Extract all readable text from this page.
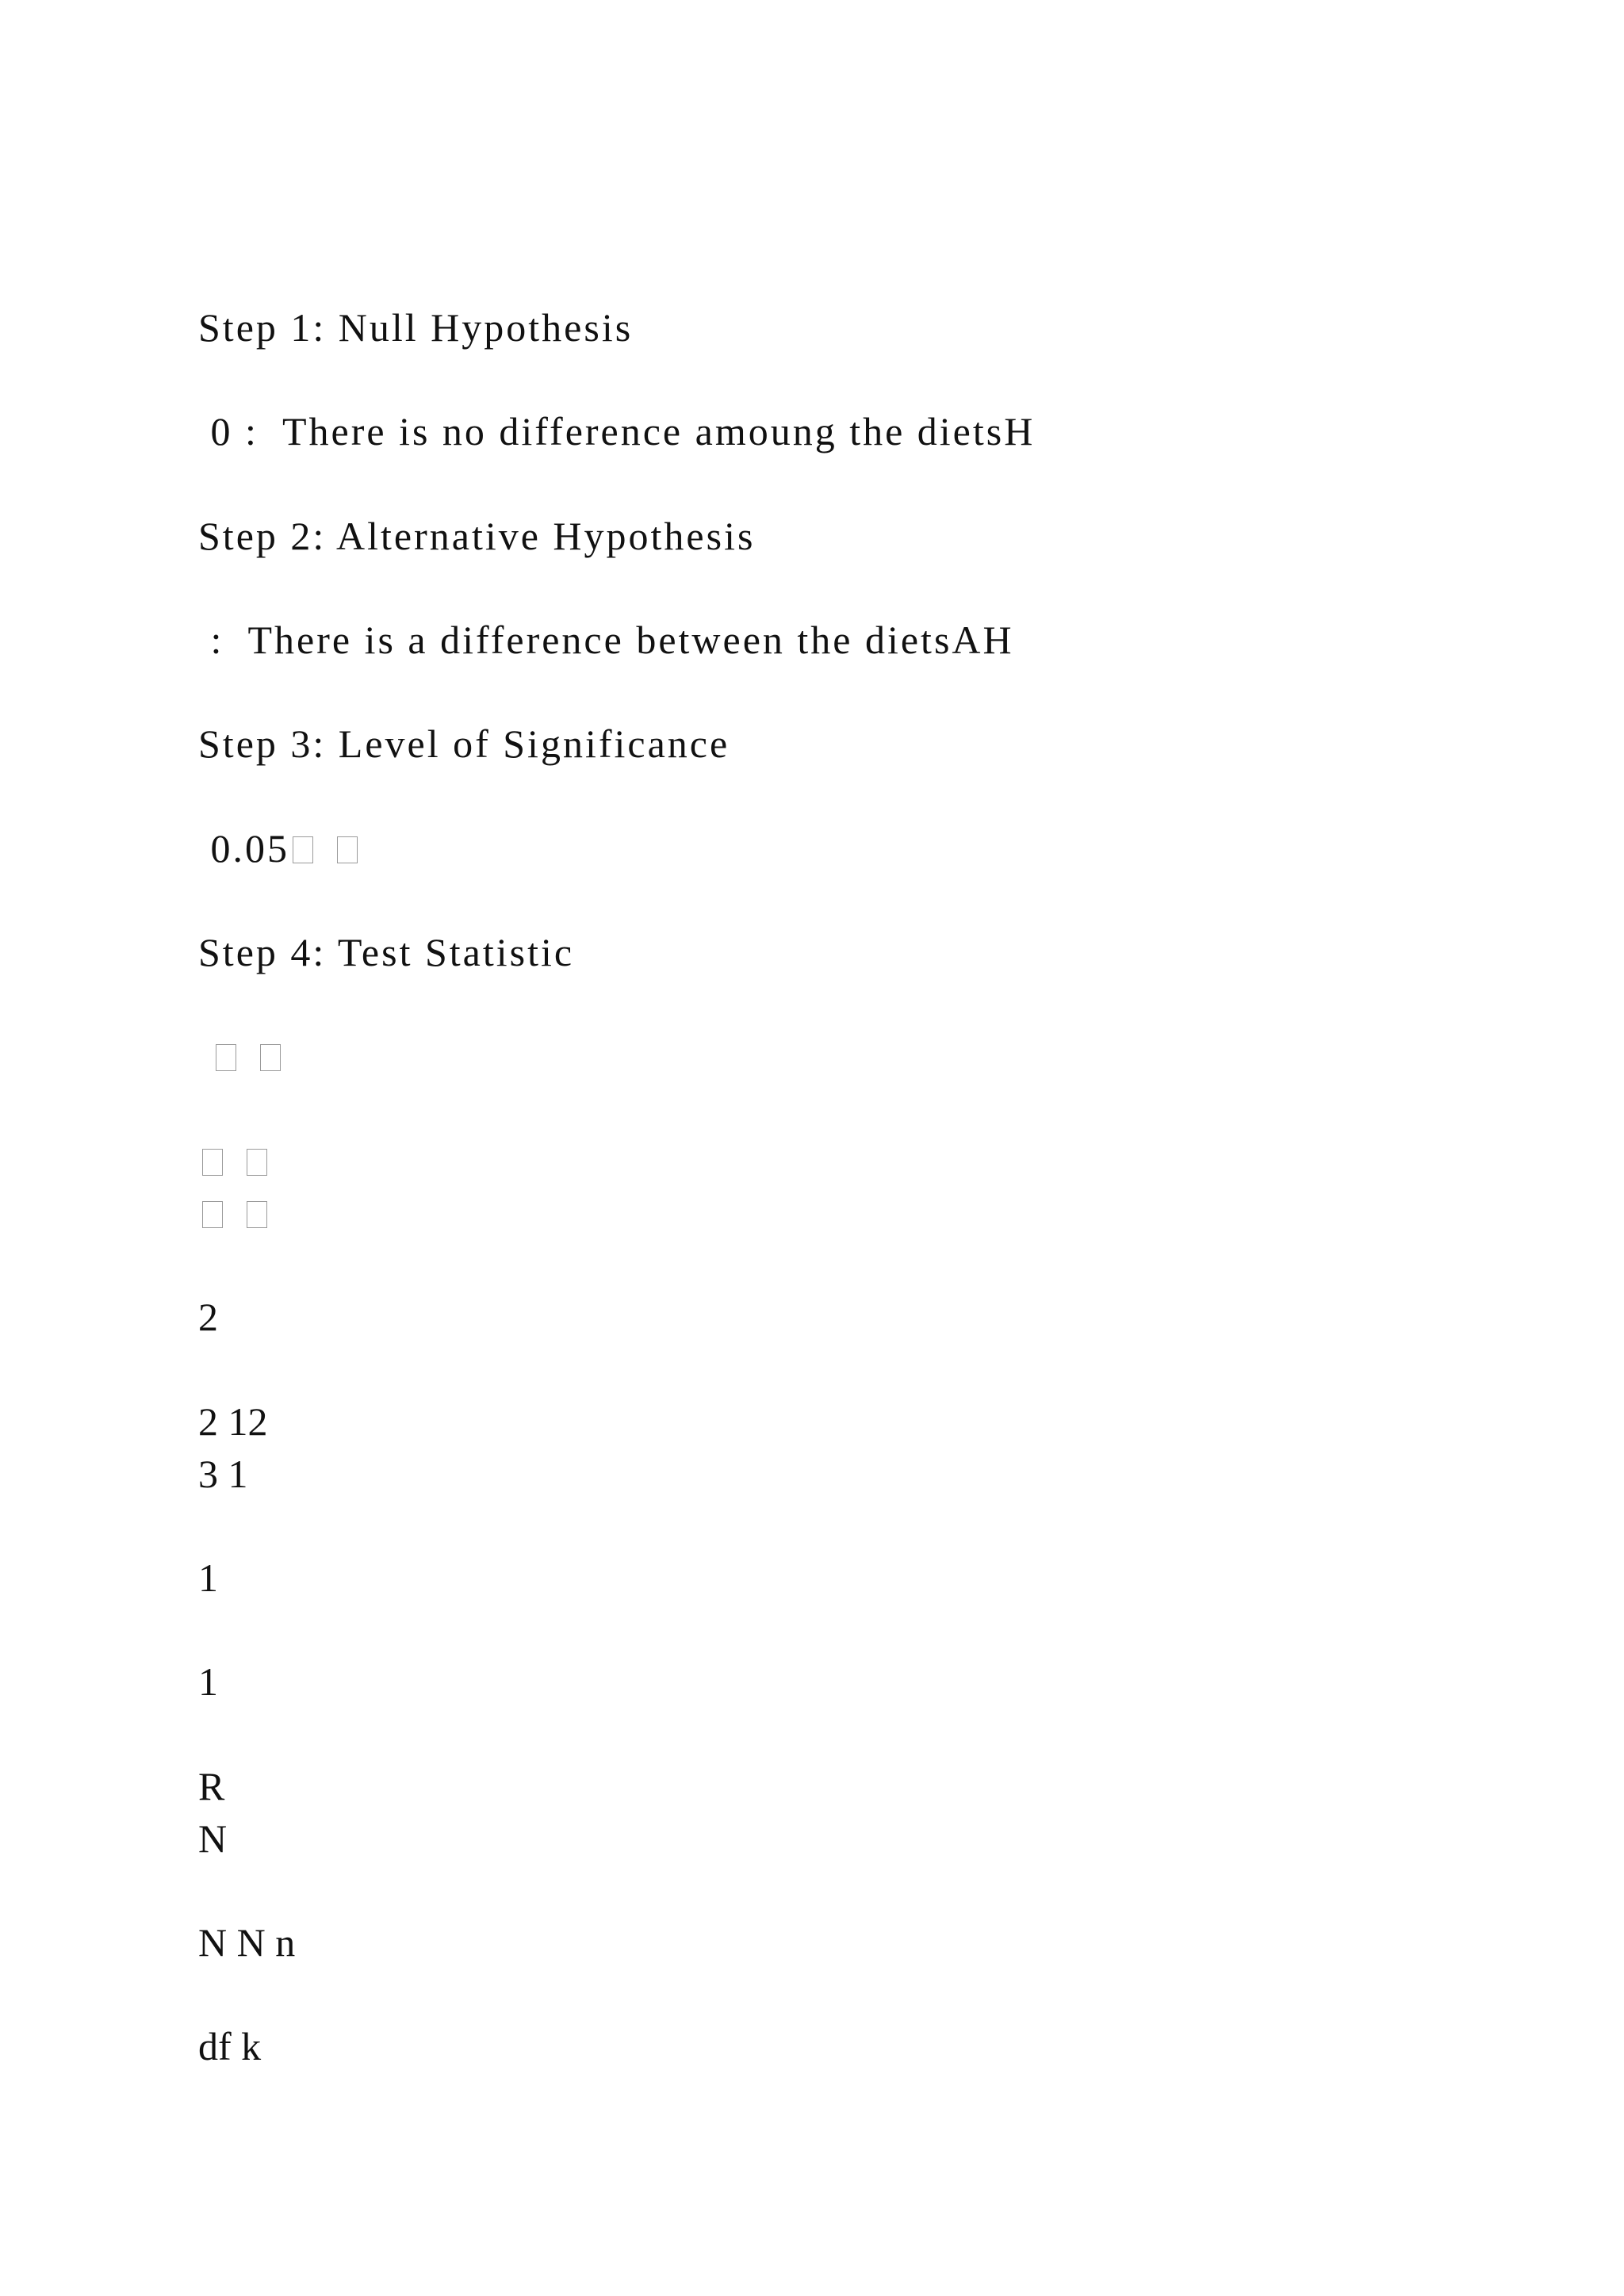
Step 1: Null Hypothesis
0 :  There is no difference amoung the dietsH
Step 2: Alternative Hypothesis
:  There is a difference between the dietsAH
Step 3: Level of Significance
0.05
Step 4: Test Statistic
2
2 12
3 1
1
1
R
N
N N n
df k
